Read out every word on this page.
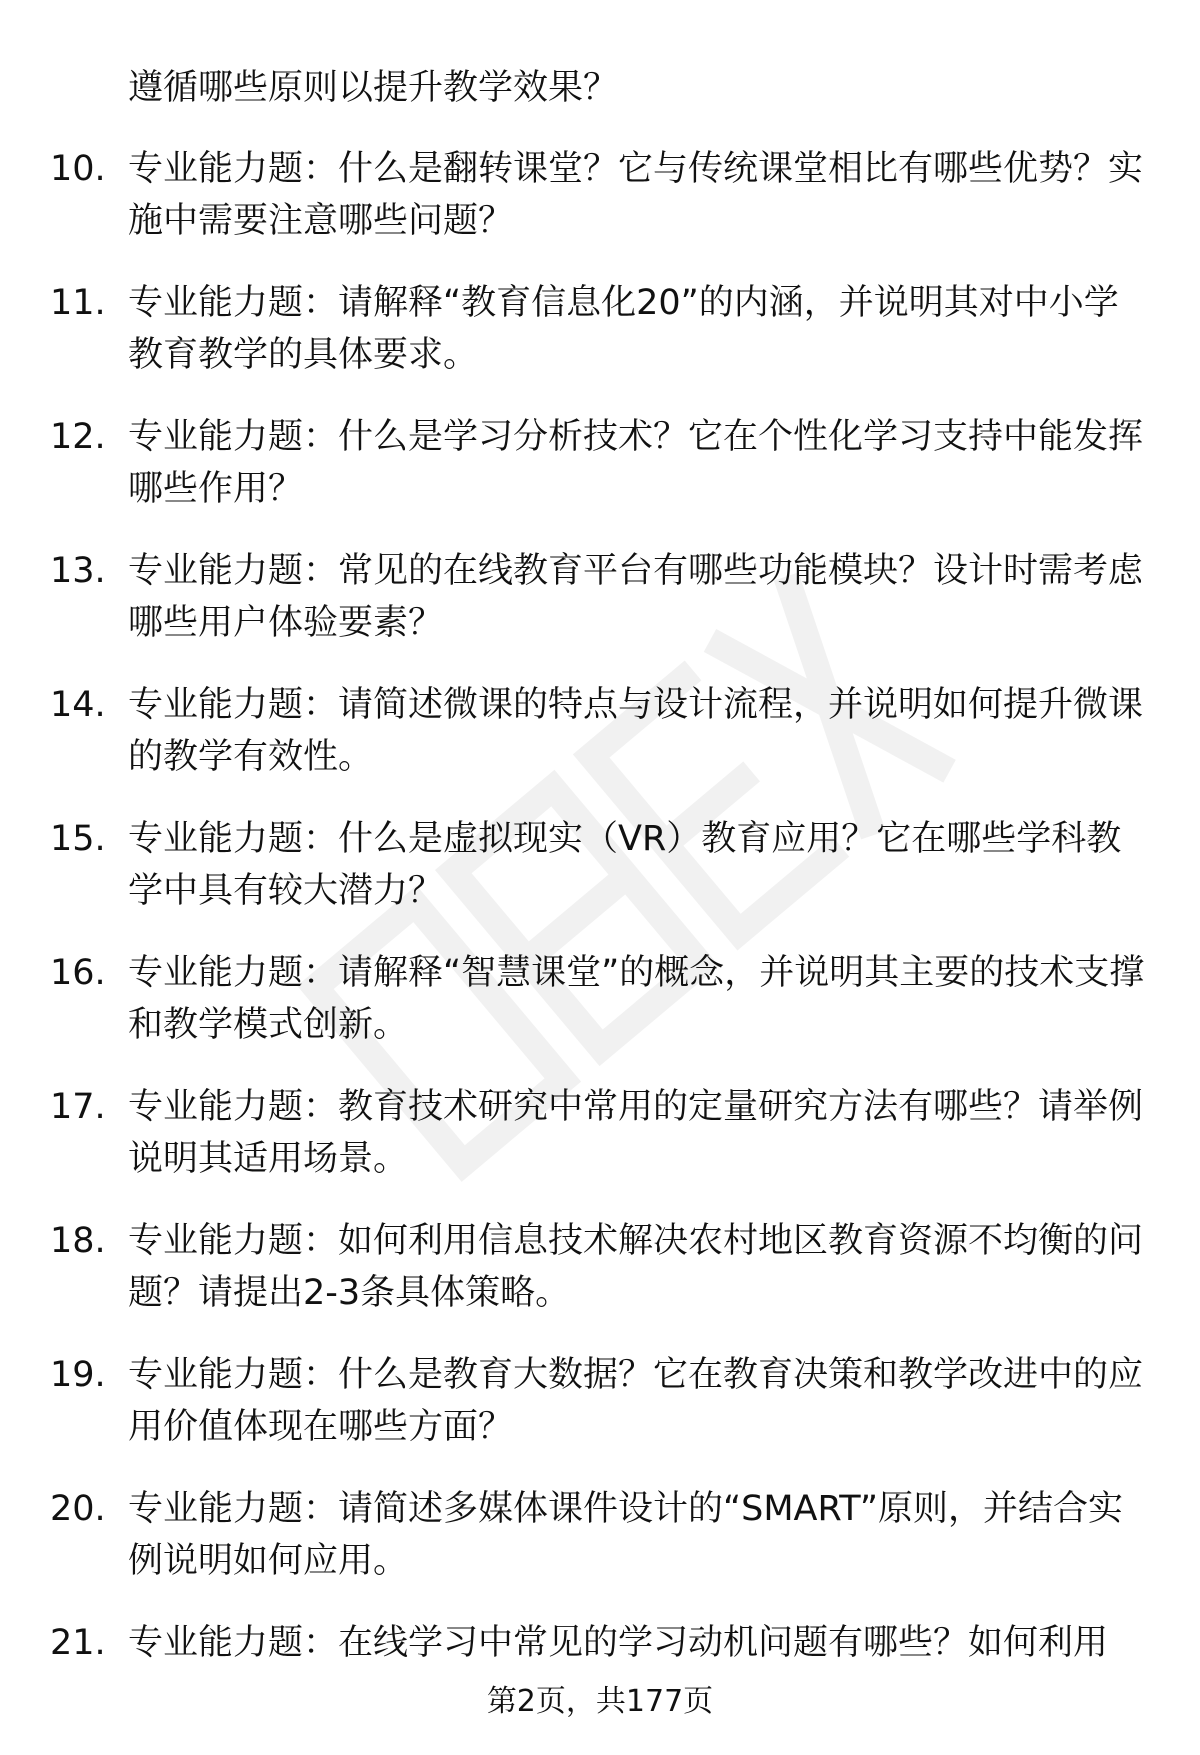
遵循哪些原则以提升教学效果？
10. 专业能力题：什么是翻转课堂？它与传统课堂相比有哪些优势？实施中需要注意哪些问题？
11. 专业能力题：请解释“教育信息化20”的内涵，并说明其对中小学教育教学的具体要求。
12. 专业能力题：什么是学习分析技术？它在个性化学习支持中能发挥哪些作用？
13. 专业能力题：常见的在线教育平台有哪些功能模块？设计时需考虑哪些用户体验要素？
14. 专业能力题：请简述微课的特点与设计流程，并说明如何提升微课的教学有效性。
15. 专业能力题：什么是虚拟现实（VR）教育应用？它在哪些学科教学中具有较大潜力？
16. 专业能力题：请解释“智慧课堂”的概念，并说明其主要的技术支撑和教学模式创新。
17. 专业能力题：教育技术研究中常用的定量研究方法有哪些？请举例说明其适用场景。
18. 专业能力题：如何利用信息技术解决农村地区教育资源不均衡的问题？请提出2-3条具体策略。
19. 专业能力题：什么是教育大数据？它在教育决策和教学改进中的应用价值体现在哪些方面？
20. 专业能力题：请简述多媒体课件设计的“SMART”原则，并结合实例说明如何应用。
21. 专业能力题：在线学习中常见的学习动机问题有哪些？如何利用
第2页，共177页
